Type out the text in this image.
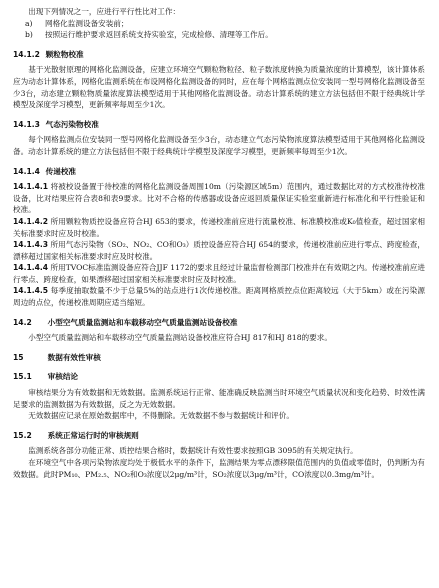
出现下列情况之一，应进行平行性比对工作：

a)	网格化监测设备安装前；
b)	按照运行维护要求返回系统支持实验室，完成检修、清理等工作后。
14.1.2 颗粒物校准

基于光散射原理的网格化监测设备，应建立环境空气颗粒物粒径、粒子数浓度转换为质量浓度的计算模型，该计算体系应为动态计算体系，网格化监测系统在布设网格化监测设备的同时，应在每个网格监测点位安装同一型号网格化监测设备至少3台，动态建立颗粒物质量浓度算法模型适用于其他网格化监测设备。动态计算系统的建立方法包括但不限于经典统计学模型及深度学习模型，更新频率每周至少1次。

14.1.3 气态污染物校准

每个网格监测点位安装同一型号网格化监测设备至少3台，动态建立气态污染物浓度算法模型适用于其他网格化监测设备。动态计算系统的建立方法包括但不限于经典统计学模型及深度学习模型，更新频率每周至少1次。

14.1.4 传递校准

14.1.4.1 将被校设备置于待校准的网格化监测设备周围10m（污染源区域5m）范围内，通过数据比对的方式校准待校准设备，比对结果应符合表8和表9要求。比对不合格的传感器或设备应返回质量保证实验室重新进行标准化和平行性验证和校准。

14.1.4.2 所用颗粒物质控设备应符合HJ 653的要求，传递校准前应进行流量校准、标准膜校准或K₀值检查，超过国家相关标准要求时应及时校准。

14.1.4.3 所用气态污染物（SO₂、NO₂、CO和O₃）质控设备应符合HJ 654的要求，传递校准前应进行零点、跨度检查，漂移超过国家相关标准要求时应及时校准。

14.1.4.4 所用TVOC标准监测设备应符合JJF 1172的要求且经过计量监督检测部门校准并在有效期之内。传递校准前应进行零点、跨度检查，如果漂移超过国家相关标准要求时应及时校准。

14.1.4.5 每季度抽取数量不少于总量5%的站点进行1次传递校准。距离网格质控点位距离较远（大于5km）或在污染源周边的点位，传递校准周期应适当缩短。

14.2 小型空气质量监测站和车载移动空气质量监测站设备校准

小型空气质量监测站和车载移动空气质量监测站设备校准应符合HJ 817和HJ 818的要求。

15	数据有效性审核
15.1 审核结论

审核结果分为有效数据和无效数据。监测系统运行正常、能准确反映监测当时环境空气质量状况和变化趋势、时效性满足要求的监测数据为有效数据，反之为无效数据。

无效数据应记录在原始数据库中，不得删除。无效数据不参与数据统计和评价。

15.2 系统正常运行时的审核规则

监测系统各部分功能正常、质控结果合格时，数据统计有效性要求按照GB 3095的有关规定执行。

在环境空气中各项污染物浓度均处于极低水平的条件下，监测结果为零点漂移限值范围内的负值或零值时，仍判断为有效数据。此时PM₁₀、PM₂.₅、NO₂和O₃浓度以2μg/m³计，SO₂浓度以3μg/m³计，CO浓度以0.3mg/m³计。
